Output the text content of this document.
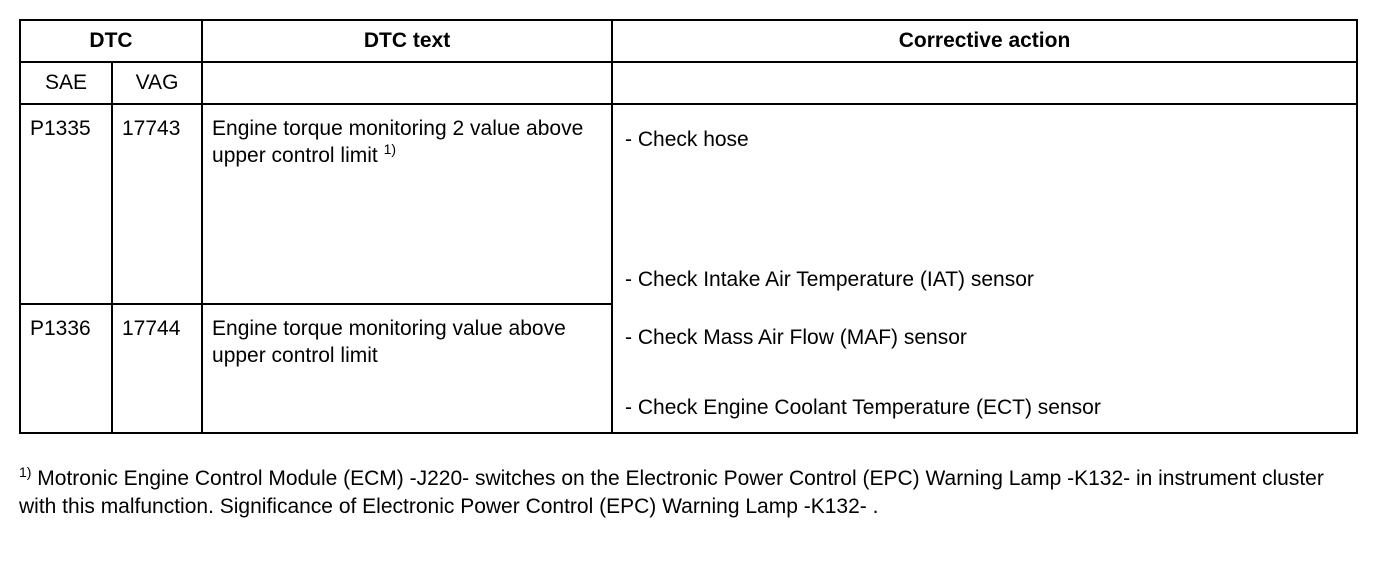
DTC		DTC text	Corrective action
SAE	VAG		
P1335	17743	Engine torque monitoring 2 value above upper control limit $^{1)}$	- Check hose
- Check Intake Air Temperature (IAT) sensor
- Check Mass Air Flow (MAF) sensor
- Check Engine Coolant Temperature (ECT) sensor

P1336	17744	Engine torque monitoring value above upper control limit	
$^{1)}$ Motronic Engine Control Module (ECM) -J220- switches on the Electronic Power Control (EPC) Warning Lamp -K132- in instrument cluster with this malfunction. Significance of Electronic Power Control (EPC) Warning Lamp -K132- .
